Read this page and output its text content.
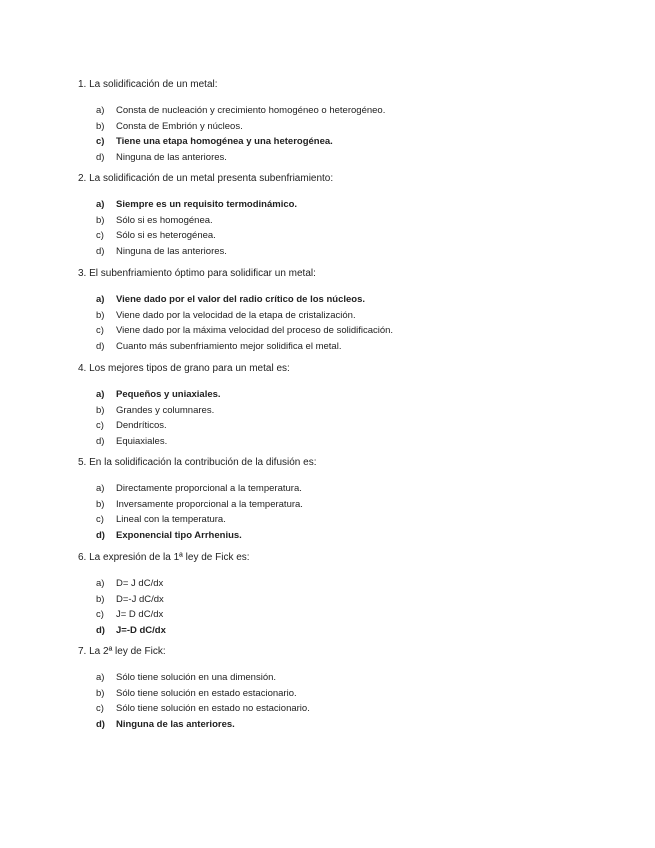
1. La solidificación de un metal:

a)	Consta de nucleación y crecimiento homogéneo o heterogéneo.
b)	Consta de Embrión y núcleos.
c)	Tiene una etapa homogénea y una heterogénea.
d)	Ninguna de las anteriores.

2. La solidificación de un metal presenta subenfriamiento:

a)	Siempre es un requisito termodinámico.
b)	Sólo si es homogénea.
c)	Sólo si es heterogénea.
d)	Ninguna de las anteriores.

3. El subenfriamiento óptimo para solidificar un metal:

a)	Viene dado por el valor del radio crítico de los núcleos.
b)	Viene dado por la velocidad de la etapa de cristalización.
c)	Viene dado por la máxima velocidad del proceso de solidificación.
d)	Cuanto más subenfriamiento mejor solidifica el metal.

4. Los mejores tipos de grano para un metal es:

a)	Pequeños y uniaxiales.
b)	Grandes y columnares.
c)	Dendríticos.
d)	Equiaxiales.

5. En la solidificación la contribución de la difusión es:

a)	Directamente proporcional a la temperatura.
b)	Inversamente proporcional a la temperatura.
c)	Lineal con la temperatura.
d)	Exponencial tipo Arrhenius.

6. La expresión de la 1ª ley de Fick es:

a)	D= J dC/dx
b)	D=-J dC/dx
c)	J= D dC/dx
d)	J=-D dC/dx

7. La 2ª ley de Fick:

a)	Sólo tiene solución en una dimensión.
b)	Sólo tiene solución en estado estacionario.
c)	Sólo tiene solución en estado no estacionario.
d)	Ninguna de las anteriores.
